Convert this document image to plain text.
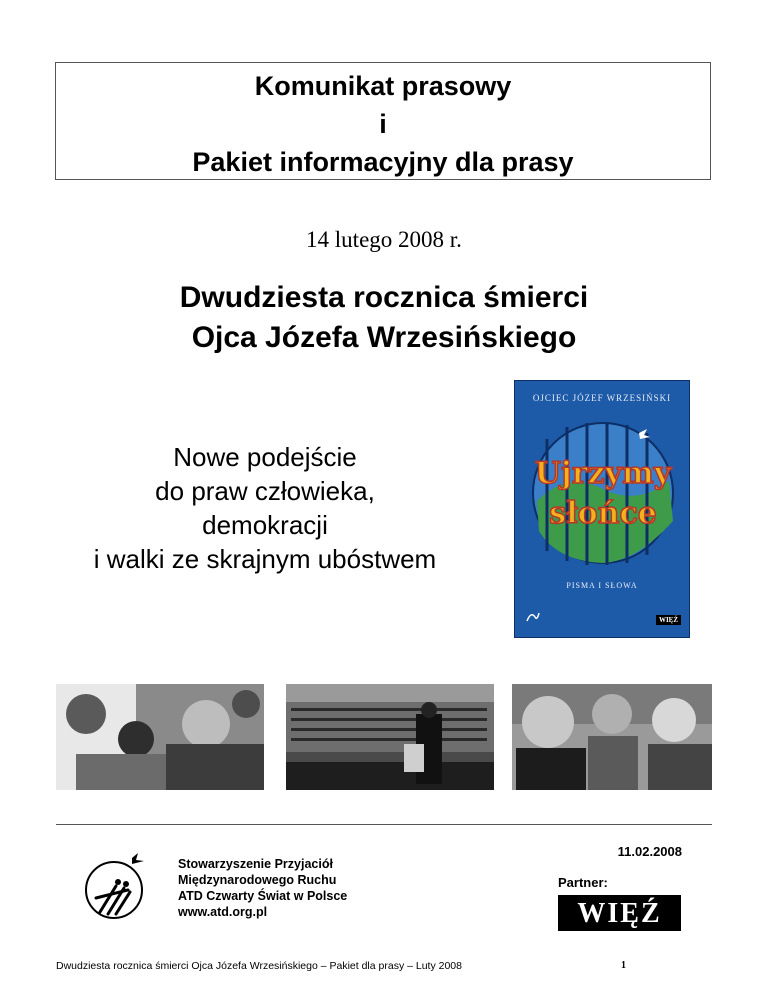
Komunikat prasowy
i
Pakiet informacyjny dla prasy
14 lutego 2008 r.
Dwudziesta rocznica śmierci
Ojca Józefa Wrzesińskiego
Nowe podejście
do praw człowieka,
demokracji
i walki ze skrajnym ubóstwem
OJCIEC JÓZEF WRZESIŃSKI
Ujrzymy
słońce
PISMA I SŁOWA
WIĘŹ
Stowarzyszenie Przyjaciół
Międzynarodowego Ruchu
ATD Czwarty Świat w Polsce
www.atd.org.pl
11.02.2008
Partner:
WIĘŹ
Dwudziesta rocznica śmierci Ojca Józefa Wrzesińskiego – Pakiet dla prasy – Luty 2008	1
